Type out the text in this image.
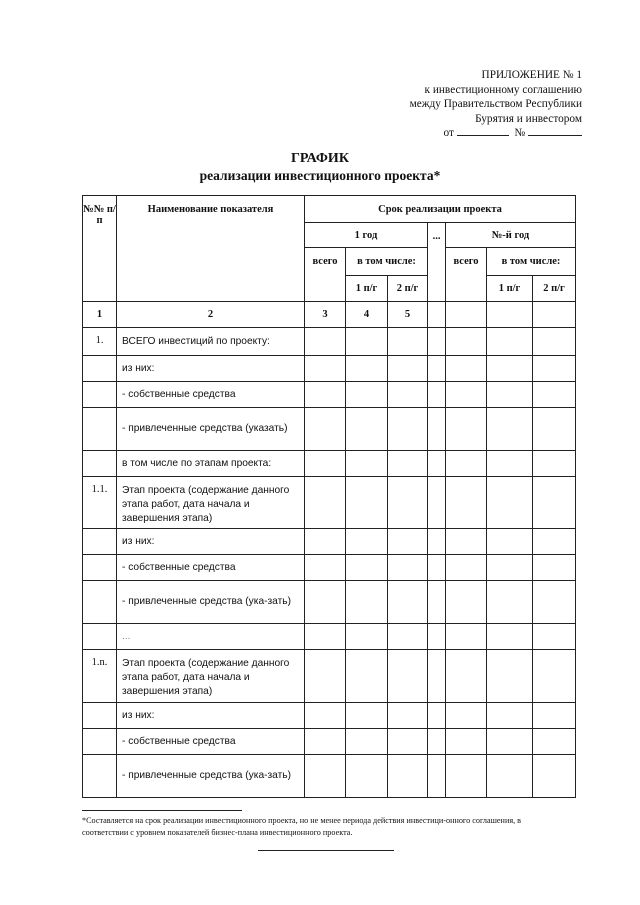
ПРИЛОЖЕНИЕ № 1
к инвестиционному соглашению
между Правительством Республики
Бурятия и инвестором
от	№
ГРАФИК
реализации инвестиционного проекта*
№№ п/п	Наименование показателя	Срок реализации проекта						
		1 год			...	№-й год		
		всего	в том числе:			всего	в том числе:	
			1 п/г	2 п/г			1 п/г	2 п/г
1	2	3	4	5				
1.	ВСЕГО инвестиций по проекту:							
	из них:							
	- собственные средства							
	- привлеченные средства (указать)							
	в том числе по этапам проекта:							
1.1.	Этап проекта (содержание данного этапа работ, дата начала и завершения этапа)							
	из них:							
	- собственные средства							
	- привлеченные средства (ука-зать)							
	...							
1.n.	Этап проекта (содержание данного этапа работ, дата начала и завершения этапа)							
	из них:							
	- собственные средства							
	- привлеченные средства (ука-зать)							
*Составляется на срок реализации инвестиционного проекта, но не менее периода действия инвестици-онного соглашения, в соответствии с уровнем показателей бизнес-плана инвестиционного проекта.
